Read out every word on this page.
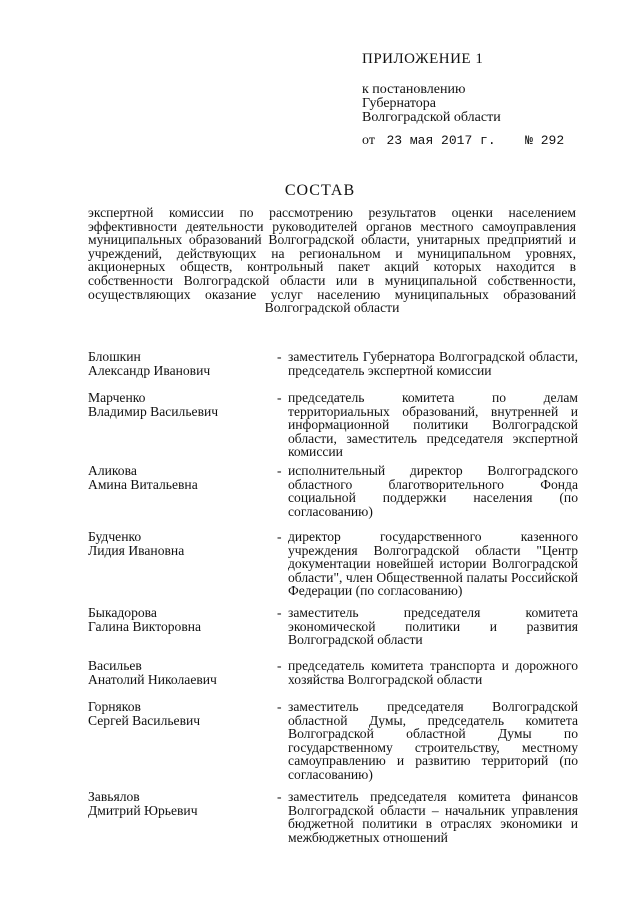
ПРИЛОЖЕНИЕ 1
к постановлению
Губернатора
Волгоградской области
от 23 мая 2017 г. № 292
СОСТАВ
экспертной комиссии по рассмотрению результатов оценки населением эффективности деятельности руководителей органов местного самоуправления муниципальных образований Волгоградской области, унитарных предприятий и учреждений, действующих на региональном и муниципальном уровнях, акционерных обществ, контрольный пакет акций которых находится в собственности Волгоградской области или в муниципальной собственности, осуществляющих оказание услуг населению муниципальных образований Волгоградской области
Блошкин
Александр Иванович
- заместитель Губернатора Волгоградской области, председатель экспертной комиссии
Марченко
Владимир Васильевич
- председатель комитета по делам территориальных образований, внутренней и информационной политики Волгоградской области, заместитель председателя экспертной комиссии
Аликова
Амина Витальевна
- исполнительный директор Волгоградского областного благотворительного Фонда социальной поддержки населения (по согласованию)
Будченко
Лидия Ивановна
- директор государственного казенного учреждения Волгоградской области "Центр документации новейшей истории Волгоградской области", член Общественной палаты Российской Федерации (по согласованию)
Быкадорова
Галина Викторовна
- заместитель председателя комитета экономической политики и развития Волгоградской области
Васильев
Анатолий Николаевич
- председатель комитета транспорта и дорожного хозяйства Волгоградской области
Горняков
Сергей Васильевич
- заместитель председателя Волгоградской областной Думы, председатель комитета Волгоградской областной Думы по государственному строительству, местному самоуправлению и развитию территорий (по согласованию)
Завьялов
Дмитрий Юрьевич
- заместитель председателя комитета финансов Волгоградской области – начальник управления бюджетной политики в отраслях экономики и межбюджетных отношений
